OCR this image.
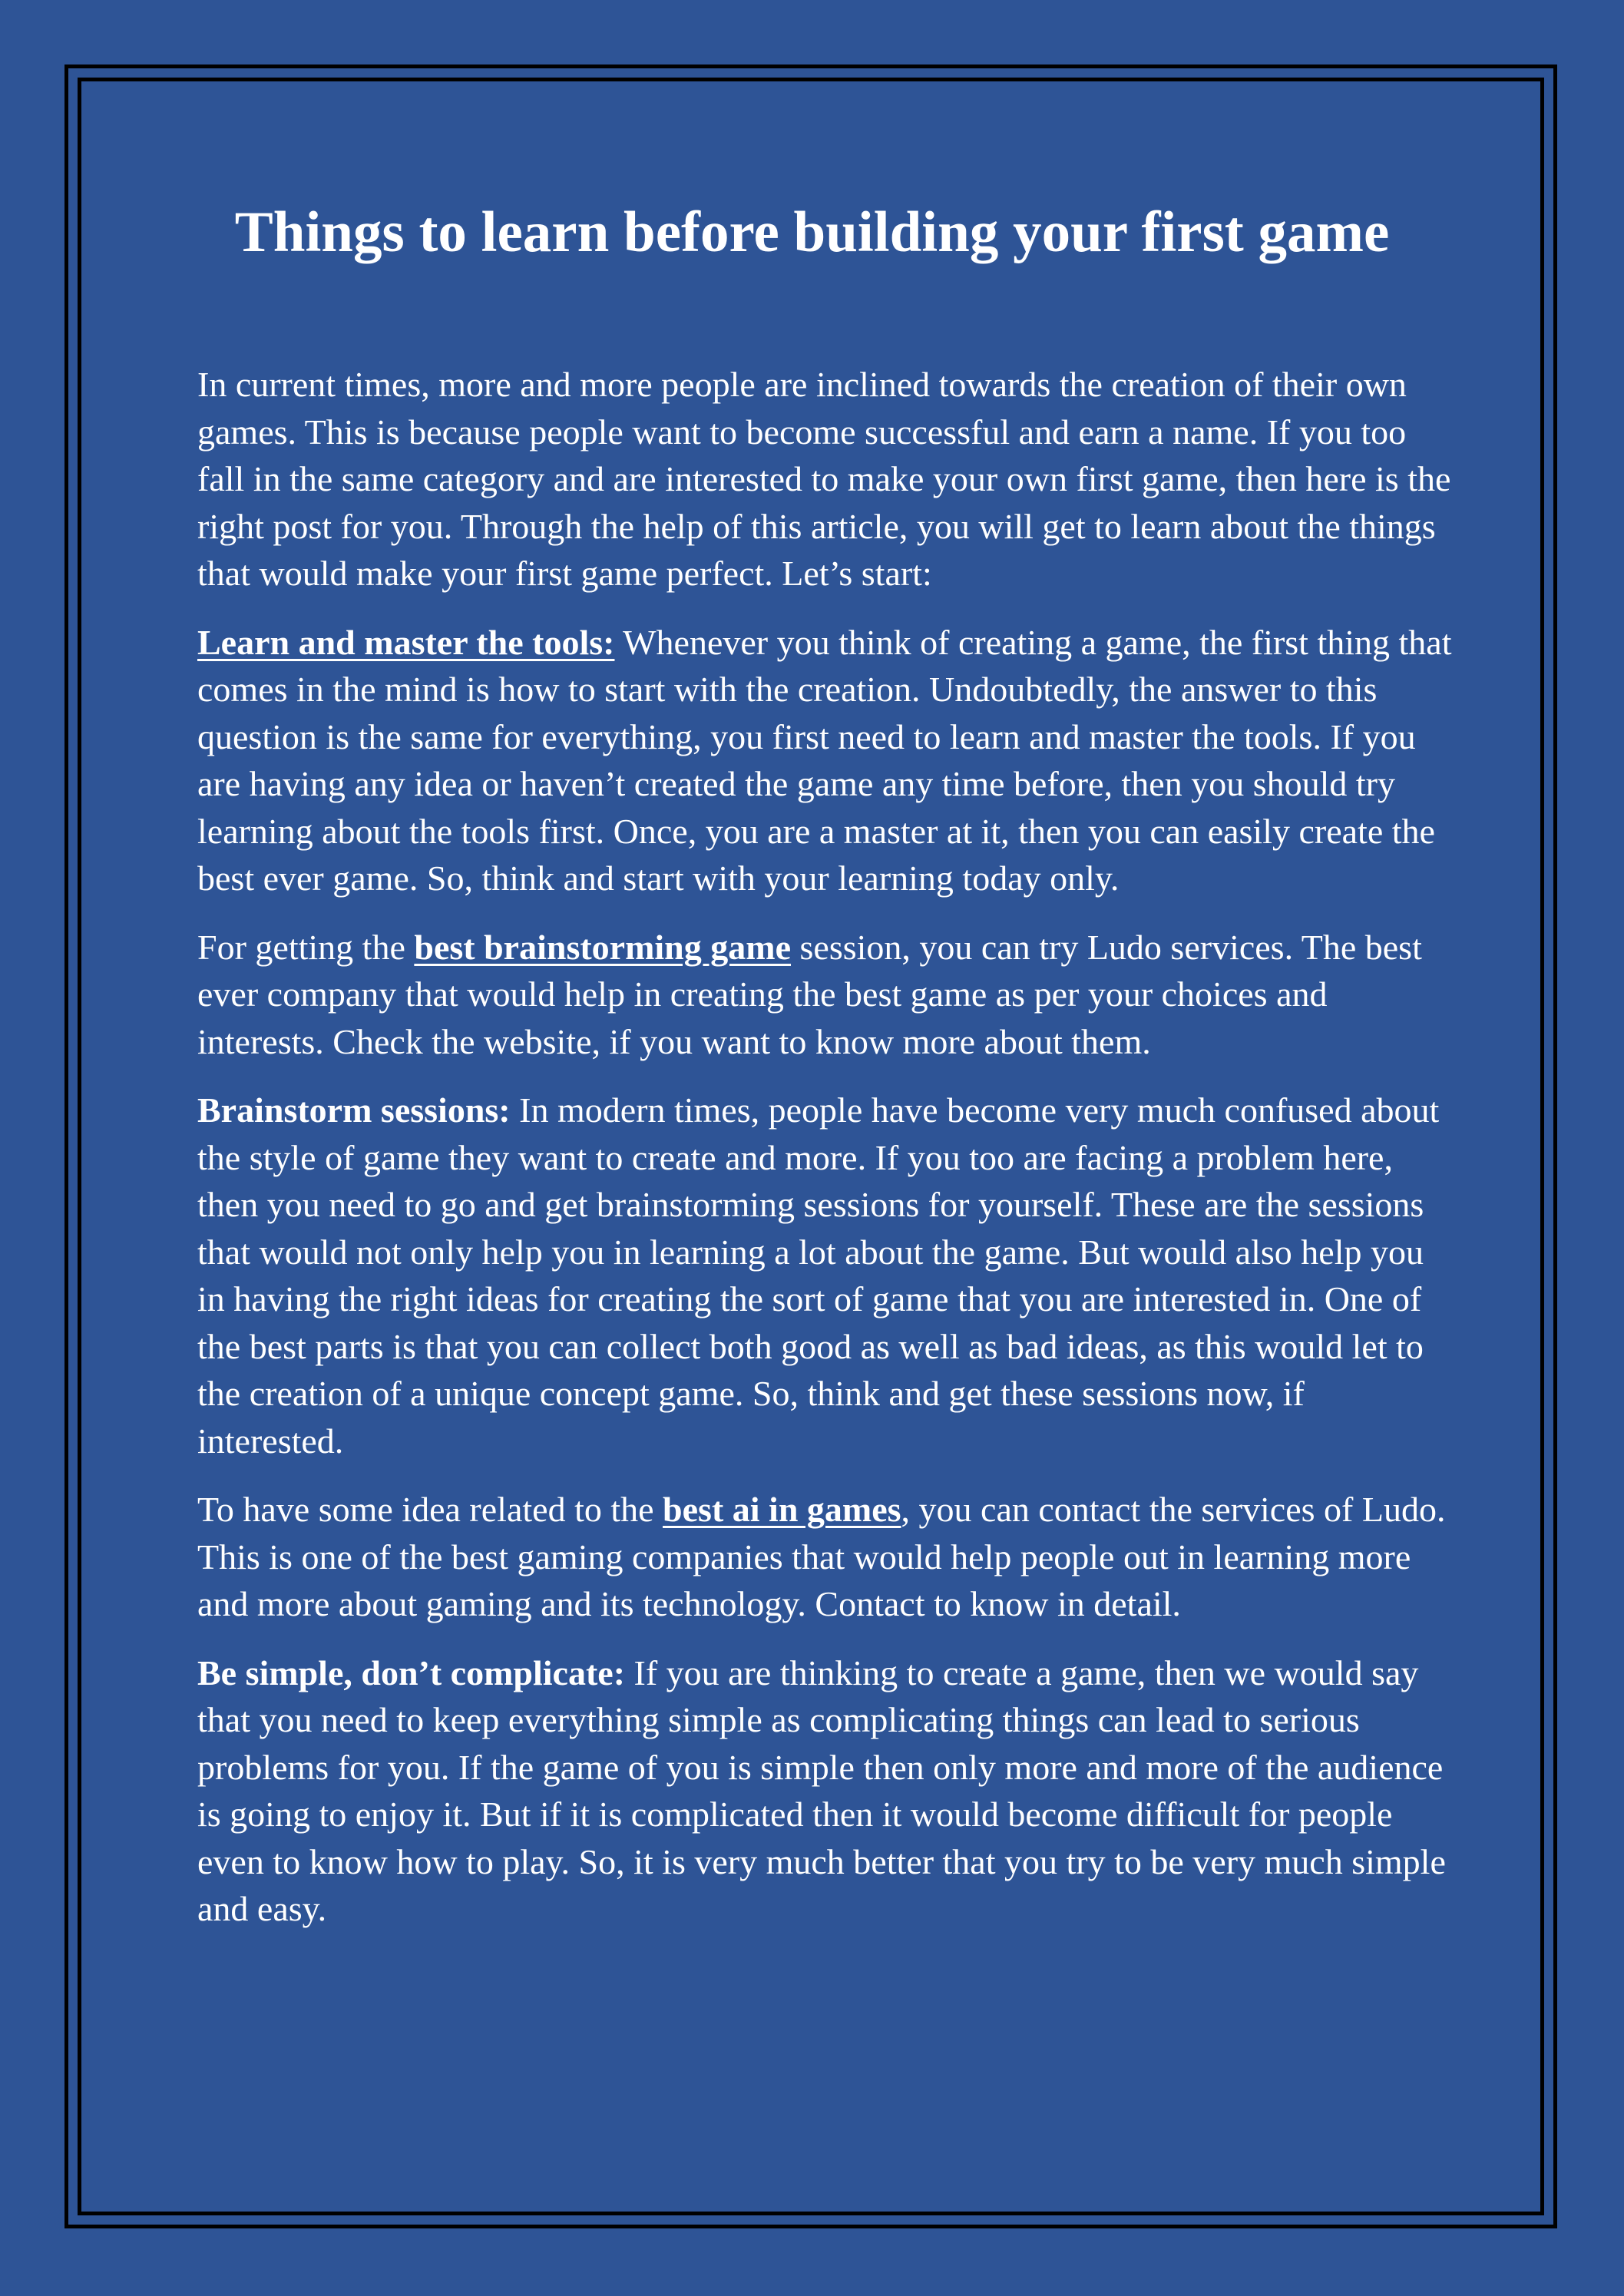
Things to learn before building your first game

In current times, more and more people are inclined towards the creation of their own games. This is because people want to become successful and earn a name. If you too fall in the same category and are interested to make your own first game, then here is the right post for you. Through the help of this article, you will get to learn about the things that would make your first game perfect. Let’s start:

Learn and master the tools: Whenever you think of creating a game, the first thing that comes in the mind is how to start with the creation. Undoubtedly, the answer to this question is the same for everything, you first need to learn and master the tools. If you are having any idea or haven’t created the game any time before, then you should try learning about the tools first. Once, you are a master at it, then you can easily create the best ever game. So, think and start with your learning today only.

For getting the best brainstorming game session, you can try Ludo services. The best ever company that would help in creating the best game as per your choices and interests. Check the website, if you want to know more about them.

Brainstorm sessions: In modern times, people have become very much confused about the style of game they want to create and more. If you too are facing a problem here, then you need to go and get brainstorming sessions for yourself. These are the sessions that would not only help you in learning a lot about the game. But would also help you in having the right ideas for creating the sort of game that you are interested in. One of the best parts is that you can collect both good as well as bad ideas, as this would let to the creation of a unique concept game. So, think and get these sessions now, if interested.

To have some idea related to the best ai in games, you can contact the services of Ludo. This is one of the best gaming companies that would help people out in learning more and more about gaming and its technology. Contact to know in detail.

Be simple, don’t complicate: If you are thinking to create a game, then we would say that you need to keep everything simple as complicating things can lead to serious problems for you. If the game of you is simple then only more and more of the audience is going to enjoy it. But if it is complicated then it would become difficult for people even to know how to play. So, it is very much better that you try to be very much simple and easy.
